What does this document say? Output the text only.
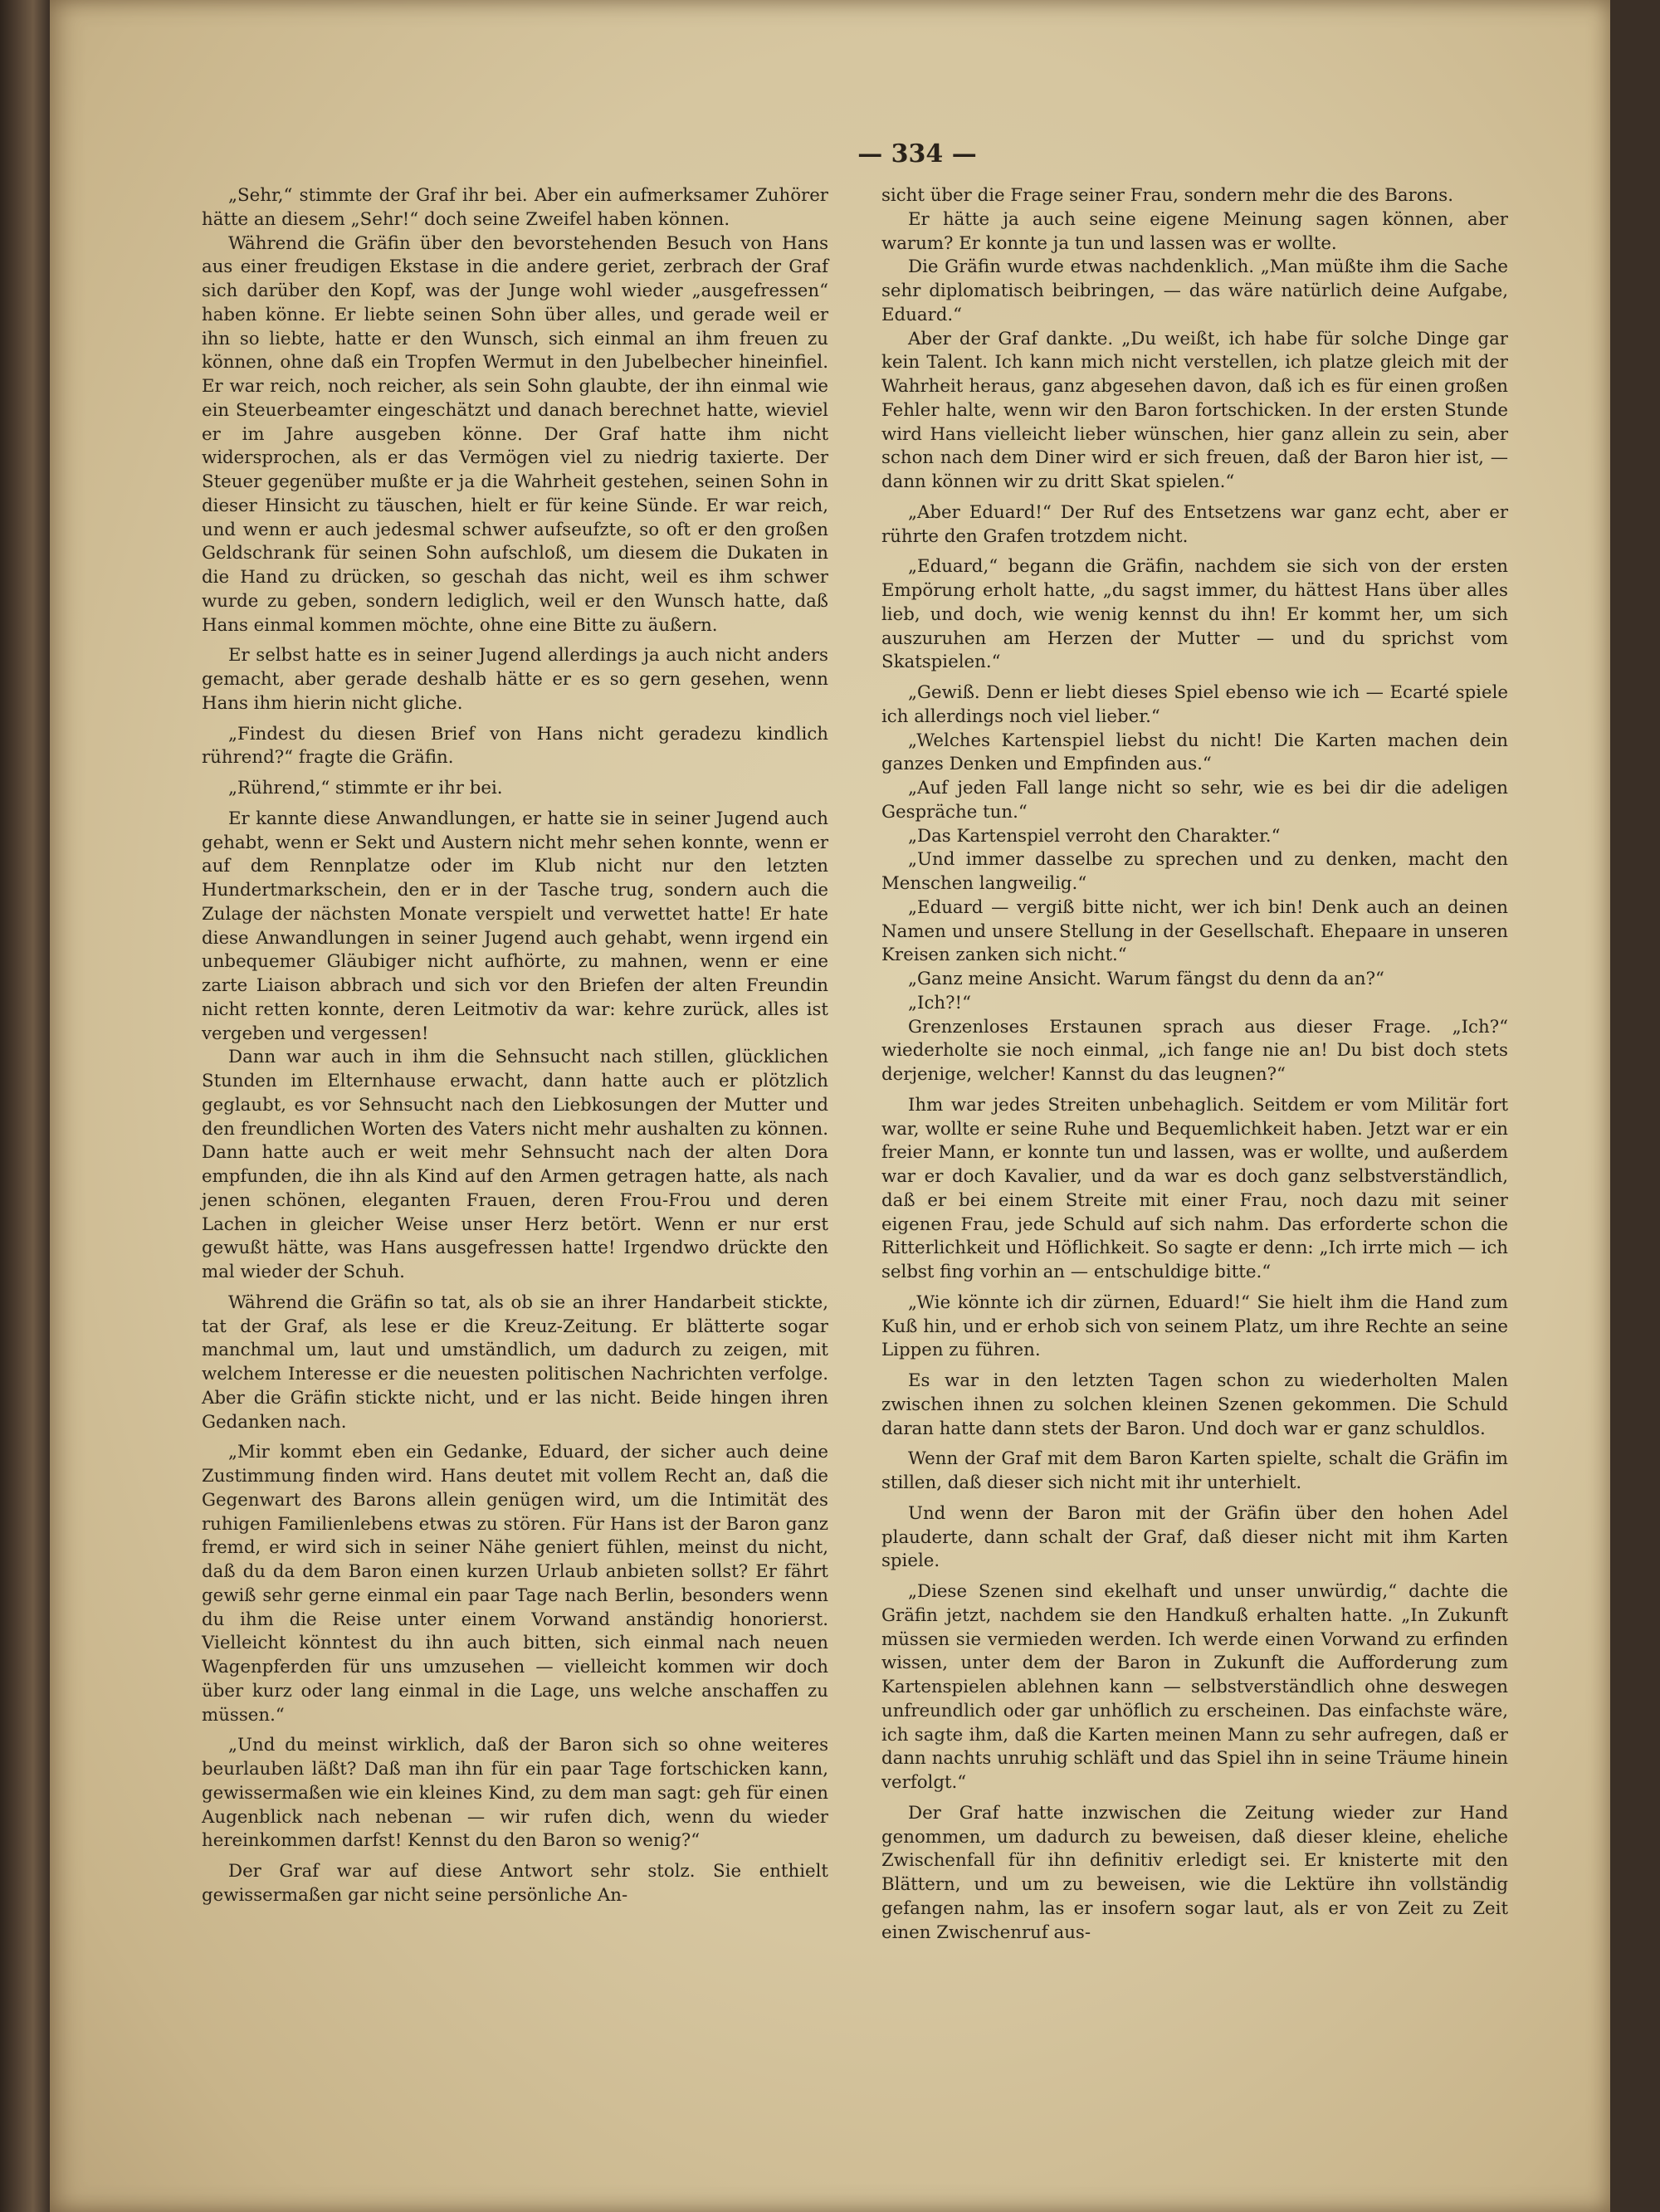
— 334 —

„Sehr,“ stimmte der Graf ihr bei. Aber ein aufmerksamer Zuhörer hätte an diesem „Sehr!“ doch seine Zweifel haben können.

Während die Gräfin über den bevorstehenden Besuch von Hans aus einer freudigen Ekstase in die andere geriet, zerbrach der Graf sich darüber den Kopf, was der Junge wohl wieder „ausgefressen“ haben könne. Er liebte seinen Sohn über alles, und gerade weil er ihn so liebte, hatte er den Wunsch, sich einmal an ihm freuen zu können, ohne daß ein Tropfen Wermut in den Jubelbecher hineinfiel. Er war reich, noch reicher, als sein Sohn glaubte, der ihn einmal wie ein Steuerbeamter eingeschätzt und danach berechnet hatte, wieviel er im Jahre ausgeben könne. Der Graf hatte ihm nicht widersprochen, als er das Vermögen viel zu niedrig taxierte. Der Steuer gegenüber mußte er ja die Wahrheit gestehen, seinen Sohn in dieser Hinsicht zu täuschen, hielt er für keine Sünde. Er war reich, und wenn er auch jedesmal schwer aufseufzte, so oft er den großen Geldschrank für seinen Sohn aufschloß, um diesem die Dukaten in die Hand zu drücken, so geschah das nicht, weil es ihm schwer wurde zu geben, sondern lediglich, weil er den Wunsch hatte, daß Hans einmal kommen möchte, ohne eine Bitte zu äußern.

Er selbst hatte es in seiner Jugend allerdings ja auch nicht anders gemacht, aber gerade deshalb hätte er es so gern gesehen, wenn Hans ihm hierin nicht gliche.

„Findest du diesen Brief von Hans nicht geradezu kindlich rührend?“ fragte die Gräfin.

„Rührend,“ stimmte er ihr bei.

Er kannte diese Anwandlungen, er hatte sie in seiner Jugend auch gehabt, wenn er Sekt und Austern nicht mehr sehen konnte, wenn er auf dem Rennplatze oder im Klub nicht nur den letzten Hundertmarkschein, den er in der Tasche trug, sondern auch die Zulage der nächsten Monate verspielt und verwettet hatte! Er hate diese Anwandlungen in seiner Jugend auch gehabt, wenn irgend ein unbequemer Gläubiger nicht aufhörte, zu mahnen, wenn er eine zarte Liaison abbrach und sich vor den Briefen der alten Freundin nicht retten konnte, deren Leitmotiv da war: kehre zurück, alles ist vergeben und vergessen!

Dann war auch in ihm die Sehnsucht nach stillen, glücklichen Stunden im Elternhause erwacht, dann hatte auch er plötzlich geglaubt, es vor Sehnsucht nach den Liebkosungen der Mutter und den freundlichen Worten des Vaters nicht mehr aushalten zu können. Dann hatte auch er weit mehr Sehnsucht nach der alten Dora empfunden, die ihn als Kind auf den Armen getragen hatte, als nach jenen schönen, eleganten Frauen, deren Frou-Frou und deren Lachen in gleicher Weise unser Herz betört. Wenn er nur erst gewußt hätte, was Hans ausgefressen hatte! Irgendwo drückte den mal wieder der Schuh.

Während die Gräfin so tat, als ob sie an ihrer Handarbeit stickte, tat der Graf, als lese er die Kreuz-Zeitung. Er blätterte sogar manchmal um, laut und umständlich, um dadurch zu zeigen, mit welchem Interesse er die neuesten politischen Nachrichten verfolge. Aber die Gräfin stickte nicht, und er las nicht. Beide hingen ihren Gedanken nach.

„Mir kommt eben ein Gedanke, Eduard, der sicher auch deine Zustimmung finden wird. Hans deutet mit vollem Recht an, daß die Gegenwart des Barons allein genügen wird, um die Intimität des ruhigen Familienlebens etwas zu stören. Für Hans ist der Baron ganz fremd, er wird sich in seiner Nähe geniert fühlen, meinst du nicht, daß du da dem Baron einen kurzen Urlaub anbieten sollst? Er fährt gewiß sehr gerne einmal ein paar Tage nach Berlin, besonders wenn du ihm die Reise unter einem Vorwand anständig honorierst. Vielleicht könntest du ihn auch bitten, sich einmal nach neuen Wagenpferden für uns umzusehen — vielleicht kommen wir doch über kurz oder lang einmal in die Lage, uns welche anschaffen zu müssen.“

„Und du meinst wirklich, daß der Baron sich so ohne weiteres beurlauben läßt? Daß man ihn für ein paar Tage fortschicken kann, gewissermaßen wie ein kleines Kind, zu dem man sagt: geh für einen Augenblick nach nebenan — wir rufen dich, wenn du wieder hereinkommen darfst! Kennst du den Baron so wenig?“

Der Graf war auf diese Antwort sehr stolz. Sie enthielt gewissermaßen gar nicht seine persönliche An-

sicht über die Frage seiner Frau, sondern mehr die des Barons.

Er hätte ja auch seine eigene Meinung sagen können, aber warum? Er konnte ja tun und lassen was er wollte.

Die Gräfin wurde etwas nachdenklich. „Man müßte ihm die Sache sehr diplomatisch beibringen, — das wäre natürlich deine Aufgabe, Eduard.“

Aber der Graf dankte. „Du weißt, ich habe für solche Dinge gar kein Talent. Ich kann mich nicht verstellen, ich platze gleich mit der Wahrheit heraus, ganz abgesehen davon, daß ich es für einen großen Fehler halte, wenn wir den Baron fortschicken. In der ersten Stunde wird Hans vielleicht lieber wünschen, hier ganz allein zu sein, aber schon nach dem Diner wird er sich freuen, daß der Baron hier ist, — dann können wir zu dritt Skat spielen.“

„Aber Eduard!“ Der Ruf des Entsetzens war ganz echt, aber er rührte den Grafen trotzdem nicht.

„Eduard,“ begann die Gräfin, nachdem sie sich von der ersten Empörung erholt hatte, „du sagst immer, du hättest Hans über alles lieb, und doch, wie wenig kennst du ihn! Er kommt her, um sich auszuruhen am Herzen der Mutter — und du sprichst vom Skatspielen.“

„Gewiß. Denn er liebt dieses Spiel ebenso wie ich — Ecarté spiele ich allerdings noch viel lieber.“

„Welches Kartenspiel liebst du nicht! Die Karten machen dein ganzes Denken und Empfinden aus.“

„Auf jeden Fall lange nicht so sehr, wie es bei dir die adeligen Gespräche tun.“

„Das Kartenspiel verroht den Charakter.“

„Und immer dasselbe zu sprechen und zu denken, macht den Menschen langweilig.“

„Eduard — vergiß bitte nicht, wer ich bin! Denk auch an deinen Namen und unsere Stellung in der Gesellschaft. Ehepaare in unseren Kreisen zanken sich nicht.“

„Ganz meine Ansicht. Warum fängst du denn da an?“

„Ich?!“

Grenzenloses Erstaunen sprach aus dieser Frage. „Ich?“ wiederholte sie noch einmal, „ich fange nie an! Du bist doch stets derjenige, welcher! Kannst du das leugnen?“

Ihm war jedes Streiten unbehaglich. Seitdem er vom Militär fort war, wollte er seine Ruhe und Bequemlichkeit haben. Jetzt war er ein freier Mann, er konnte tun und lassen, was er wollte, und außerdem war er doch Kavalier, und da war es doch ganz selbstverständlich, daß er bei einem Streite mit einer Frau, noch dazu mit seiner eigenen Frau, jede Schuld auf sich nahm. Das erforderte schon die Ritterlichkeit und Höflichkeit. So sagte er denn: „Ich irrte mich — ich selbst fing vorhin an — entschuldige bitte.“

„Wie könnte ich dir zürnen, Eduard!“ Sie hielt ihm die Hand zum Kuß hin, und er erhob sich von seinem Platz, um ihre Rechte an seine Lippen zu führen.

Es war in den letzten Tagen schon zu wiederholten Malen zwischen ihnen zu solchen kleinen Szenen gekommen. Die Schuld daran hatte dann stets der Baron. Und doch war er ganz schuldlos.

Wenn der Graf mit dem Baron Karten spielte, schalt die Gräfin im stillen, daß dieser sich nicht mit ihr unterhielt.

Und wenn der Baron mit der Gräfin über den hohen Adel plauderte, dann schalt der Graf, daß dieser nicht mit ihm Karten spiele.

„Diese Szenen sind ekelhaft und unser unwürdig,“ dachte die Gräfin jetzt, nachdem sie den Handkuß erhalten hatte. „In Zukunft müssen sie vermieden werden. Ich werde einen Vorwand zu erfinden wissen, unter dem der Baron in Zukunft die Aufforderung zum Kartenspielen ablehnen kann — selbstverständlich ohne deswegen unfreundlich oder gar unhöflich zu erscheinen. Das einfachste wäre, ich sagte ihm, daß die Karten meinen Mann zu sehr aufregen, daß er dann nachts unruhig schläft und das Spiel ihn in seine Träume hinein verfolgt.“

Der Graf hatte inzwischen die Zeitung wieder zur Hand genommen, um dadurch zu beweisen, daß dieser kleine, eheliche Zwischenfall für ihn definitiv erledigt sei. Er knisterte mit den Blättern, und um zu beweisen, wie die Lektüre ihn vollständig gefangen nahm, las er insofern sogar laut, als er von Zeit zu Zeit einen Zwischenruf aus-
